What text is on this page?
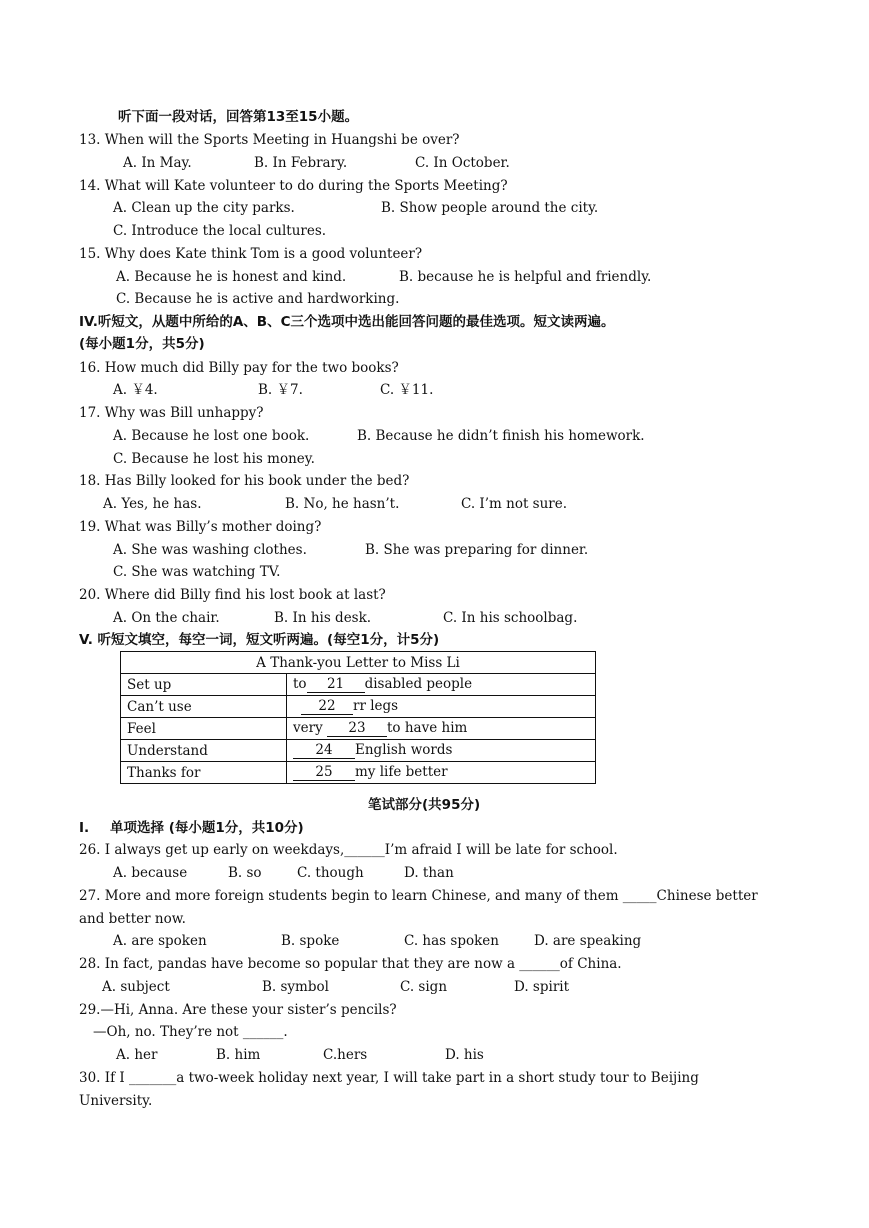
听下面一段对话，回答第13至15小题。
13. When will the Sports Meeting in Huangshi be over?
A. In May.	B. In Febrary.	C. In October.
14. What will Kate volunteer to do during the Sports Meeting?
A. Clean up the city parks.	B. Show people around the city.
C. Introduce the local cultures.
15. Why does Kate think Tom is a good volunteer?
A. Because he is honest and kind.	B. because he is helpful and friendly.
C. Because he is active and hardworking.
IV.听短文，从题中所给的A、B、C三个选项中选出能回答问题的最佳选项。短文读两遍。
(每小题1分，共5分)
16. How much did Billy pay for the two books?
A. ￥4.	B. ￥7.	C. ￥11.
17. Why was Bill unhappy?
A. Because he lost one book.	B. Because he didn’t finish his homework.
C. Because he lost his money.
18. Has Billy looked for his book under the bed?
A. Yes, he has.	B. No, he hasn’t.	C. I’m not sure.
19. What was Billy’s mother doing?
A. She was washing clothes.	B. She was preparing for dinner.
C. She was watching TV.
20. Where did Billy find his lost book at last?
A. On the chair.	B. In his desk.	C. In his schoolbag.
V. 听短文填空，每空一词，短文听两遍。(每空1分，计5分)
A Thank-you Letter to Miss Li	
Set up	to 21 disabled people
Can’t use	22 rr legs
Feel	very 23 to have him
Understand	24 English words
Thanks for	25 my life better
笔试部分(共95分)
I. 单项选择 (每小题1分，共10分)
26. I always get up early on weekdays,______I’m afraid I will be late for school.
A. because	B. so	C. though	D. than
27. More and more foreign students begin to learn Chinese, and many of them _____Chinese better
and better now.
A. are spoken	B. spoke	C. has spoken	D. are speaking
28. In fact, pandas have become so popular that they are now a ______of China.
A. subject	B. symbol	C. sign	D. spirit
29.—Hi, Anna. Are these your sister’s pencils?
—Oh, no. They’re not ______.
A. her	B. him	C.hers	D. his
30. If I _______a two-week holiday next year, I will take part in a short study tour to Beijing
University.
